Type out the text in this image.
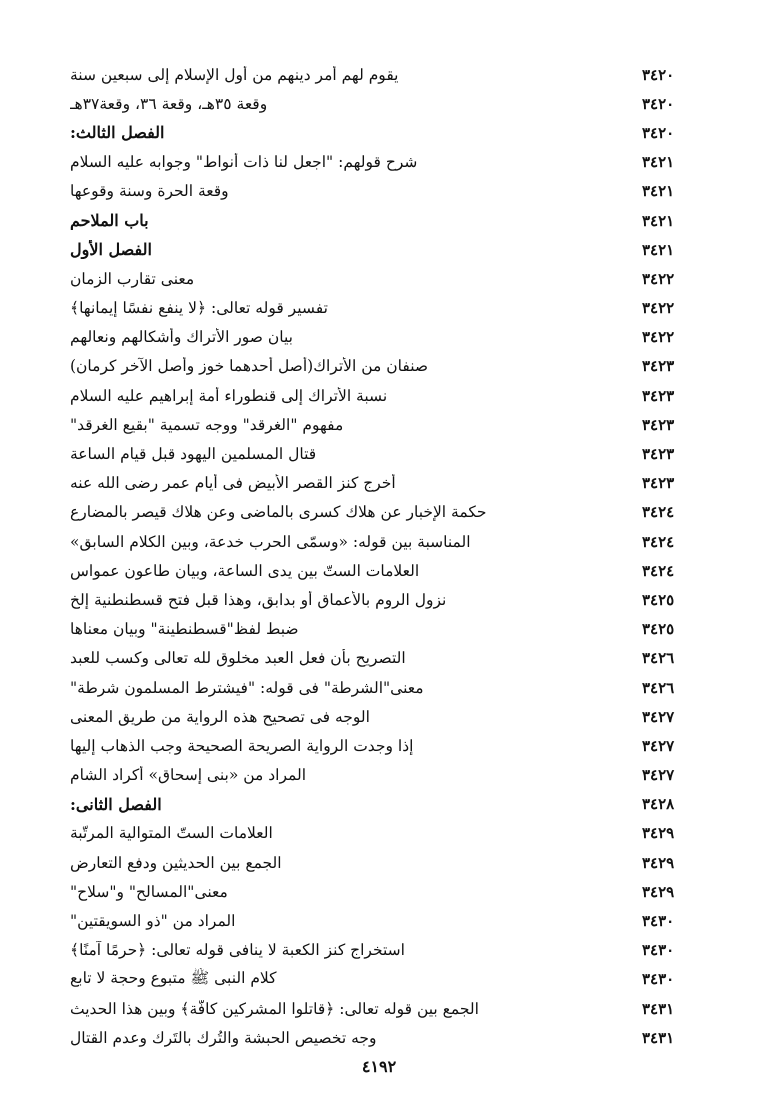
يقوم لهم أمر دينهم من أول الإسلام إلى سبعين سنة	٣٤٢٠
وقعة ٣٥هـ، وقعة ٣٦، وقعة٣٧هـ	٣٤٢٠
الفصل الثالث:	٣٤٢٠
شرح قولهم: "اجعل لنا ذات أنواط" وجوابه عليه السلام	٣٤٢١
وقعة الحرة وسنة وقوعها	٣٤٢١
باب الملاحم	٣٤٢١
الفصل الأول	٣٤٢١
معنى تقارب الزمان	٣٤٢٢
تفسير قوله تعالى: ﴿لا ينفع نفسًا إيمانها﴾	٣٤٢٢
بيان صور الأتراك وأشكالهم ونعالهم	٣٤٢٢
صنفان من الأتراك(أصل أحدهما خوز وأصل الآخر كرمان)	٣٤٢٣
نسبة الأتراك إلى قنطوراء أمة إبراهيم عليه السلام	٣٤٢٣
مفهوم "الغرقد" ووجه تسمية "بقيع الغرقد"	٣٤٢٣
قتال المسلمين اليهود قبل قيام الساعة	٣٤٢٣
أخرج كنز القصر الأبيض فى أيام عمر رضى الله عنه	٣٤٢٣
حكمة الإخبار عن هلاك كسرى بالماضى وعن هلاك قيصر بالمضارع	٣٤٢٤
المناسبة بين قوله: «وسمّى الحرب خدعة، وبين الكلام السابق»	٣٤٢٤
العلامات الستّ بين يدى الساعة، وبيان طاعون عمواس	٣٤٢٤
نزول الروم بالأعماق أو بدابق، وهذا قبل فتح قسطنطنية إلخ	٣٤٢٥
ضبط لفظ"قسطنطينة" وبيان معناها	٣٤٢٥
التصريح بأن فعل العبد مخلوق لله تعالى وكسب للعبد	٣٤٢٦
معنى"الشرطة" فى قوله: "فيشترط المسلمون شرطة"	٣٤٢٦
الوجه فى تصحيح هذه الرواية من طريق المعنى	٣٤٢٧
إذا وجدت الرواية الصريحة الصحيحة وجب الذهاب إليها	٣٤٢٧
المراد من «بنى إسحاق» أكراد الشام	٣٤٢٧
الفصل الثانى:	٣٤٢٨
العلامات الستّ المتوالية المرتّبة	٣٤٢٩
الجمع بين الحديثين ودفع التعارض	٣٤٢٩
معنى"المسالح" و"سلاح"	٣٤٢٩
المراد من "ذو السويقتين"	٣٤٣٠
استخراج كنز الكعبة لا ينافى قوله تعالى: ﴿حرمًا آمنًا﴾	٣٤٣٠
كلام النبى ﷺ متبوع وحجة لا تابع	٣٤٣٠
الجمع بين قوله تعالى: ﴿قاتلوا المشركين كافّة﴾ وبين هذا الحديث	٣٤٣١
وجه تخصيص الحبشة والتُرك بالتَرك وعدم القتال	٣٤٣١
٤١٩٢
